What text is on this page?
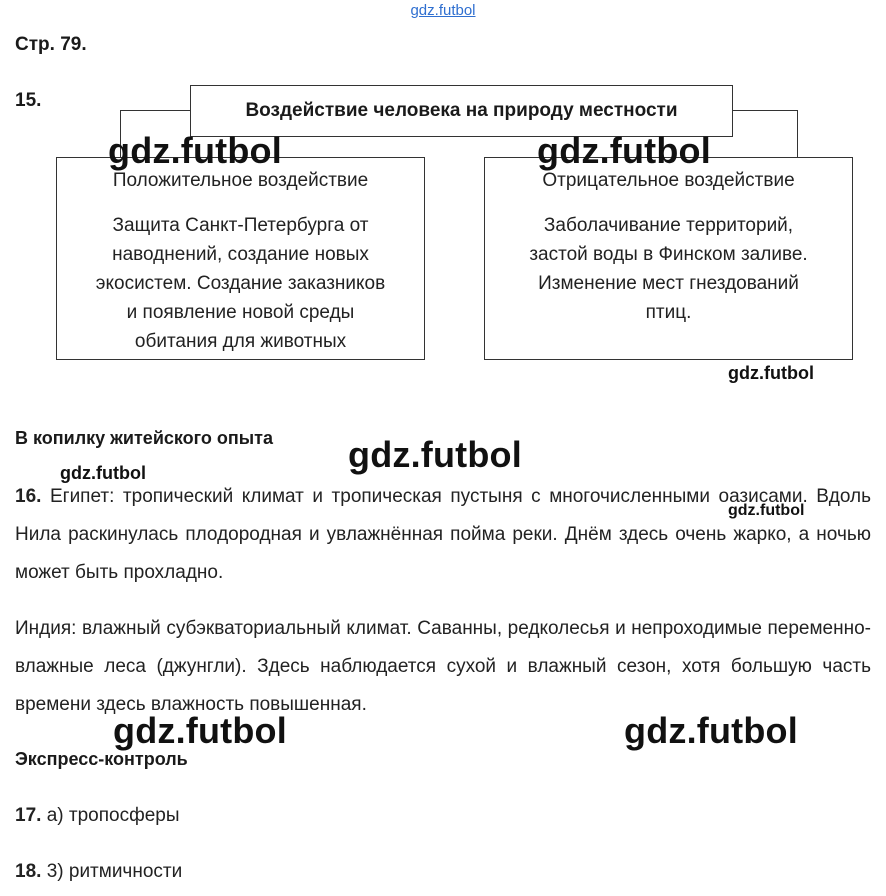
gdz.futbol
Стр. 79.
15.	Воздействие человека на природу местности
Положительное воздействие
Защита Санкт-Петербурга от
наводнений, создание новых
экосистем. Создание заказников
и появление новой среды
обитания для животных
Отрицательное воздействие
Заболачивание территорий,
застой воды в Финском заливе.
Изменение мест гнездований
птиц.
В копилку житейского опыта
16. Египет: тропический климат и тропическая пустыня с многочисленными оазисами. Вдоль Нила раскинулась плодородная и увлажнённая пойма реки. Днём здесь очень жарко, а ночью может быть прохладно.
Индия: влажный субэкваториальный климат. Саванны, редколесья и непроходимые переменно-влажные леса (джунгли). Здесь наблюдается сухой и влажный сезон, хотя большую часть времени здесь влажность повышенная.
Экспресс-контроль
17. а) тропосферы
18. 3) ритмичности
gdz.futbol	gdz.futbol
gdz.futbol
gdz.futbol
gdz.futbol
gdz.futbol
gdz.futbol	gdz.futbol
